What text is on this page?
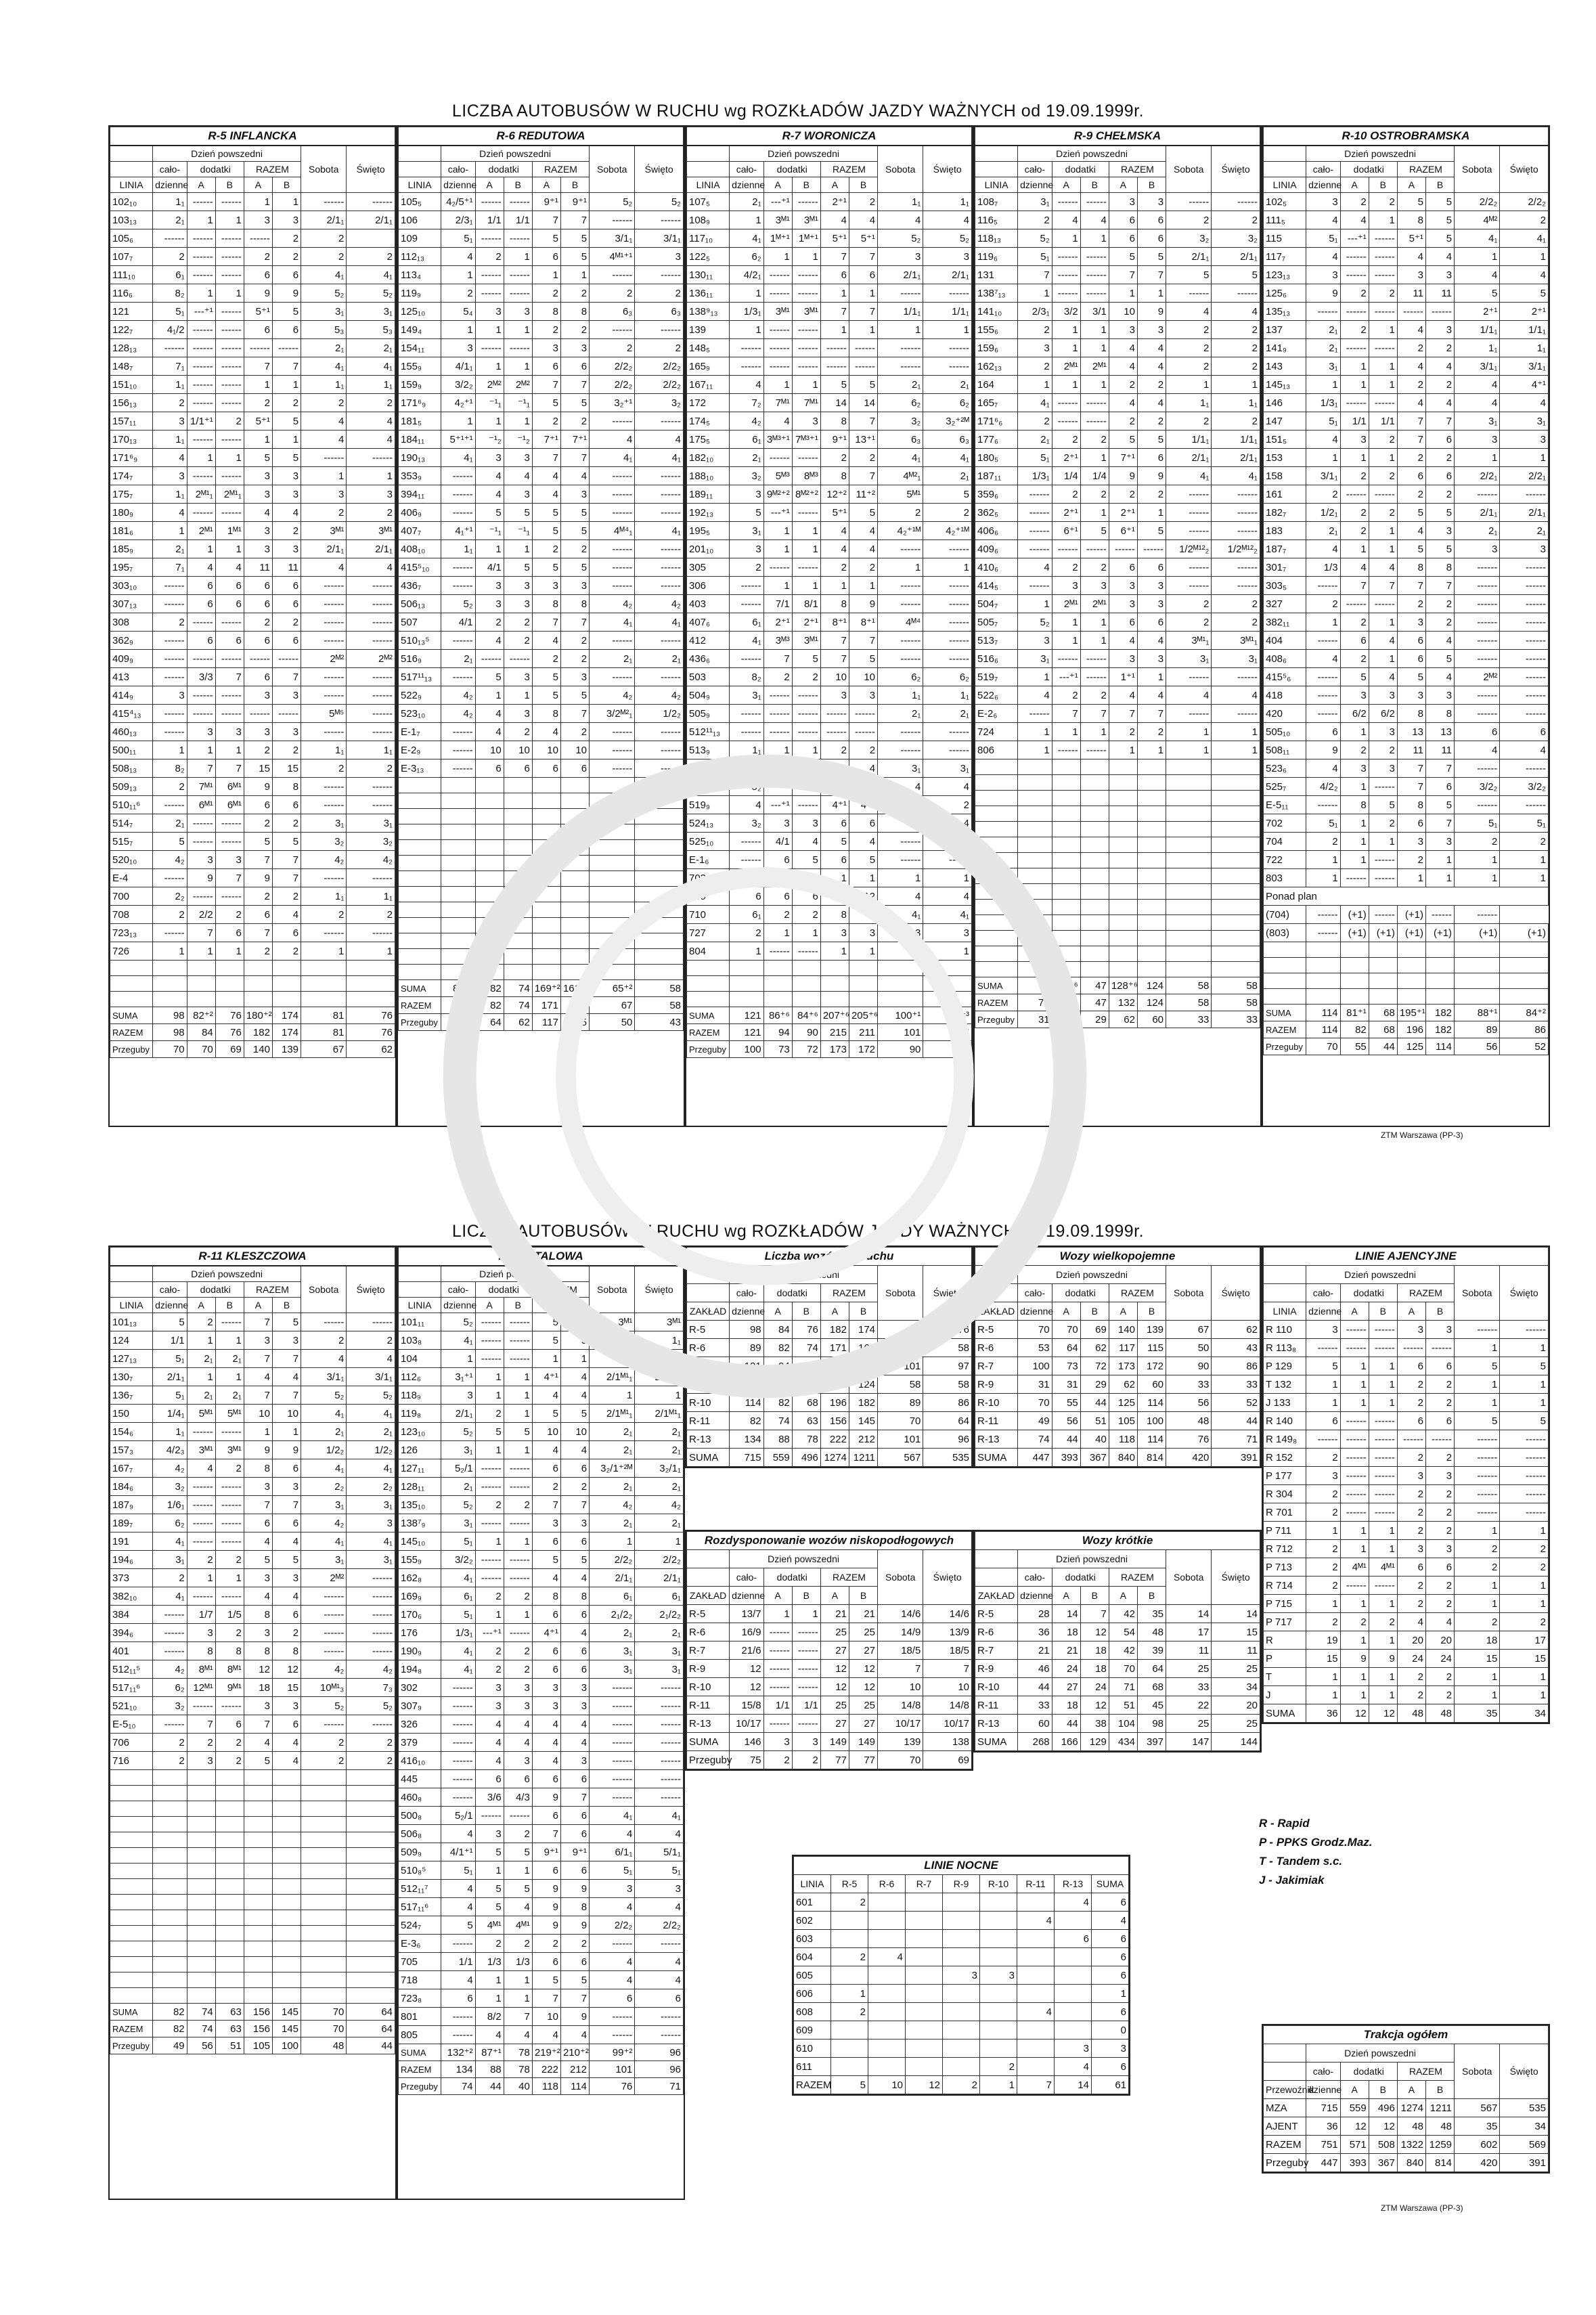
LICZBA AUTOBUSÓW W RUCHU wg ROZKŁADÓW JAZDY WAŻNYCH od 19.09.1999r.
R-5 INFLANCKA							
	Dzień powszedni					Sobota	Święto
	cało-	dodatki		RAZEM			
LINIA	dzienne	A	B	A	B		
102₁₀	1₁	------	------	1	1	------	------
103₁₃	2₁	1	1	3	3	2/1₁	2/1₁
105₆	------	------	------	------	2	2	
107₇	2	------	------	2	2	2	2
111₁₀	6₁	------	------	6	6	4₁	4₁
116₆	8₂	1	1	9	9	5₂	5₂
121	5₁	---⁺¹	------	5⁺¹	5	3₁	3₁
122₇	4₁/2	------	------	6	6	5₃	5₃
128₁₃	------	------	------	------	------	2₁	2₁
148₇	7₁	------	------	7	7	4₁	4₁
151₁₀	1₁	------	------	1	1	1₁	1₁
156₁₃	2	------	------	2	2	2	2
157₁₁	3	1/1⁺¹	2	5⁺¹	5	4	4
170₁₃	1₁	------	------	1	1	4	4
171⁶₉	4	1	1	5	5	------	------
174₇	3	------	------	3	3	1	1
175₇	1₁	2ᴹ¹₁	2ᴹ¹₁	3	3	3	3
180₉	4	------	------	4	4	2	2
181₆	1	2ᴹ¹	1ᴹ¹	3	2	3ᴹ¹	3ᴹ¹
185₉	2₁	1	1	3	3	2/1₁	2/1₁
195₇	7₁	4	4	11	11	4	4
303₁₀	------	6	6	6	6	------	------
307₁₃	------	6	6	6	6	------	------
308	2	------	------	2	2	------	------
362₉	------	6	6	6	6	------	------
409₉	------	------	------	------	------	2ᴹ²	2ᴹ²
413	------	3/3	7	6	7	------	------
414₉	3	------	------	3	3	------	------
415⁴₁₃	------	------	------	------	------	5ᴹ⁵	------
460₁₃	------	3	3	3	3	------	------
500₁₁	1	1	1	2	2	1₁	1₁
508₁₃	8₂	7	7	15	15	2	2
509₁₃	2	7ᴹ¹	6ᴹ¹	9	8	------	------
510₁₁⁶	------	6ᴹ¹	6ᴹ¹	6	6	------	------
514₇	2₁	------	------	2	2	3₁	3₁
515₇	5	------	------	5	5	3₂	3₂
520₁₀	4₂	3	3	7	7	4₂	4₂
E-4	------	9	7	9	7	------	------
700	2₂	------	------	2	2	1₁	1₁
708	2	2/2	2	6	4	2	2
723₁₃	------	7	6	7	6	------	------
726	1	1	1	2	2	1	1

SUMA	98	82⁺²	76	180⁺²	174	81	76
RAZEM	98	84	76	182	174	81	76
Przeguby	70	70	69	140	139	67	62
R-6 REDUTOWA							
	Dzień powszedni					Sobota	Święto
	cało-	dodatki		RAZEM			
LINIA	dzienne	A	B	A	B		
105₅	4₂/5⁺¹	------	------	9⁺¹	9⁺¹	5₂	5₂
106	2/3₁	1/1	1/1	7	7	------	------
109	5₁	------	------	5	5	3/1₁	3/1₁
112₁₃	4	2	1	6	5	4ᴹ¹⁺¹	3
113₄	1	------	------	1	1	------	------
119₉	2	------	------	2	2	2	2
125₁₀	5₄	3	3	8	8	6₃	6₃
149₄	1	1	1	2	2	------	------
154₁₁	3	------	------	3	3	2	2
155₉	4/1₁	1	1	6	6	2/2₂	2/2₂
159₉	3/2₂	2ᴹ²	2ᴹ²	7	7	2/2₂	2/2₂
171⁶₉	4₂⁺¹	⁻¹₁	⁻¹₁	5	5	3₂⁺¹	3₂
181₅	1	1	1	2	2	------	------
184₁₁	5⁺¹⁺¹	⁻¹₂	⁻¹₂	7⁺¹	7⁺¹	4	4
190₁₃	4₁	3	3	7	7	4₁	4₁
353₉	------	4	4	4	4	------	------
394₁₁	------	4	3	4	3	------	------
406₉	------	5	5	5	5	------	------
407₇	4₁⁺¹	⁻¹₁	⁻¹₁	5	5	4ᴹ⁴₁	4₁
408₁₀	1₁	1	1	2	2	------	------
415⁵₁₀	------	4/1	5	5	5	------	------
436₇	------	3	3	3	3	------	------
506₁₃	5₂	3	3	8	8	4₂	4₂
507	4/1	2	2	7	7	4₁	4₁
510₁₃⁵	------	4	2	4	2	------	------
516₉	2₁	------	------	2	2	2₁	2₁
517¹¹₁₃	------	5	3	5	3	------	------
522₉	4₂	1	1	5	5	4₂	4₂
523₁₀	4₂	4	3	8	7	3/2ᴹ²₁	1/2₂
E-1₇	------	4	2	4	2	------	------
E-2₉	------	10	10	10	10	------	------
E-3₁₃	------	6	6	6	6	------	------

SUMA	87⁺²	82	74	169⁺²	161⁺²	65⁺²	58
RAZEM	89	82	74	171	163	67	58
Przeguby	53	64	62	117	115	50	43
R-7 WORONICZA							
	Dzień powszedni					Sobota	Święto
	cało-	dodatki		RAZEM			
LINIA	dzienne	A	B	A	B		
107₅	2₁	---⁺¹	------	2⁺¹	2	1₁	1₁
108₉	1	3ᴹ¹	3ᴹ¹	4	4	4	4
117₁₀	4₁	1ᴹ⁺¹	1ᴹ⁺¹	5⁺¹	5⁺¹	5₂	5₂
122₅	6₂	1	1	7	7	3	3
130₁₁	4/2₁	------	------	6	6	2/1₁	2/1₁
136₁₁	1	------	------	1	1	------	------
138⁹₁₃	1/3₁	3ᴹ¹	3ᴹ¹	7	7	1/1₁	1/1₁
139	1	------	------	1	1	1	1
148₅	------	------	------	------	------	------	------
165₉	------	------	------	------	------	------	------
167₁₁	4	1	1	5	5	2₁	2₁
172	7₂	7ᴹ¹	7ᴹ¹	14	14	6₂	6₂
174₅	4₂	4	3	8	7	3₂	3₂⁺²ᴹ
175₅	6₁	3ᴹ³⁺¹	7ᴹ³⁺¹	9⁺¹	13⁺¹	6₃	6₃
182₁₀	2₁	------	------	2	2	4₁	4₁
188₁₀	3₂	5ᴹ³	8ᴹ³	8	7	4ᴹ²₁	2₁
189₁₁	3	9ᴹ²⁺²	8ᴹ²⁺²	12⁺²	11⁺²	5ᴹ¹	5
192₁₃	5	---⁺¹	------	5⁺¹	5	2	2
195₅	3₁	1	1	4	4	4₂⁺¹ᴹ	4₂⁺¹ᴹ
201₁₀	3	1	1	4	4	------	------
305	2	------	------	2	2	1	1
306	------	1	1	1	1	------	------
403	------	7/1	8/1	8	9	------	------
407₆	6₁	2⁺¹	2⁺¹	8⁺¹	8⁺¹	4ᴹ⁴	------
412	4₁	3ᴹ³	3ᴹ¹	7	7	------	------
436₆	------	7	5	7	5	------	------
503	8₂	2	2	10	10	6₂	6₂
504₉	3₁	------	------	3	3	1₁	1₁
505₉	------	------	------	------	------	2₁	2₁
512¹¹₁₃	------	------	------	------	------	------	------
513₉	1₁	1	1	2	2	------	------
514₁₁	4₁	------	------	4	4	3₁	3₁
515₅	5₂	------	------	5	5	4	4
519₉	4	---⁺¹	------	4⁺¹	4⁺¹	2	2
524₁₃	3₂	3	3	6	6	4	4
525₁₀	------	4/1	4	5	4	------	------
E-1₆	------	6	5	6	5	------	------
703	1	------	------	1	1	1	1
709	6	6	6	12	12	4	4
710	6₁	2	2	8	8	4₁	4₁
727	2	1	1	3	3	3	3
804	1	------	------	1	1	1	1

SUMA	121	86⁺⁶	84⁺⁶	207⁺⁶	205⁺⁶	100⁺¹	94⁺³
RAZEM	121	94	90	215	211	101	97
Przeguby	100	73	72	173	172	90	86
R-9 CHEŁMSKA							
	Dzień powszedni					Sobota	Święto
	cało-	dodatki		RAZEM			
LINIA	dzienne	A	B	A	B		
108₇	3₁	------	------	3	3	------	------
116₅	2	4	4	6	6	2	2
118₁₃	5₂	1	1	6	6	3₂	3₂
119₆	5₁	------	------	5	5	2/1₁	2/1₁
131	7	------	------	7	7	5	5
138⁷₁₃	1	------	------	1	1	------	------
141₁₀	2/3₁	3/2	3/1	10	9	4	4
155₆	2	1	1	3	3	2	2
159₆	3	1	1	4	4	2	2
162₁₃	2	2ᴹ¹	2ᴹ¹	4	4	2	2
164	1	1	1	2	2	1	1
165₇	4₁	------	------	4	4	1₁	1₁
171⁶₆	2	------	------	2	2	2	2
177₆	2₁	2	2	5	5	1/1₁	1/1₁
180₅	5₁	2⁺¹	1	7⁺¹	6	2/1₁	2/1₁
187₁₁	1/3₁	1/4	1/4	9	9	4₁	4₁
359₆	------	2	2	2	2	------	------
362₅	------	2⁺¹	1	2⁺¹	1	------	------
406₆	------	6⁺¹	5	6⁺¹	5	------	------
409₆	------	------	------	------	------	1/2ᴹ¹²₂	1/2ᴹ¹²₂
410₆	4	2	2	6	6	------	------
414₅	------	3	3	3	3	------	------
504₇	1	2ᴹ¹	2ᴹ¹	3	3	2	2
505₇	5₂	1	1	6	6	2	2
513₇	3	1	1	4	4	3ᴹ¹₁	3ᴹ¹₁
516₆	3₁	------	------	3	3	3₁	3₁
519₇	1	---⁺¹	------	1⁺¹	1	------	------
522₆	4	2	2	4	4	4	4
E-2₆	------	7	7	7	7	------	------
724	1	1	1	2	2	1	1
806	1	------	------	1	1	1	1

SUMA	77	51⁺⁶	47	128⁺⁶	124	58	58
RAZEM	77	55	47	132	124	58	58
Przeguby	31	31	29	62	60	33	33
R-10 OSTROBRAMSKA							
	Dzień powszedni					Sobota	Święto
	cało-	dodatki		RAZEM			
LINIA	dzienne	A	B	A	B		
102₅	3	2	2	5	5	2/2₂	2/2₂
111₅	4	4	1	8	5	4ᴹ²	2
115	5₁	---⁺¹	------	5⁺¹	5	4₁	4₁
117₇	4	------	------	4	4	1	1
123₁₃	3	------	------	3	3	4	4
125₆	9	2	2	11	11	5	5
135₁₃	------	------	------	------	------	2⁺¹	2⁺¹
137	2₁	2	1	4	3	1/1₁	1/1₁
141₉	2₁	------	------	2	2	1₁	1₁
143	3₁	1	1	4	4	3/1₁	3/1₁
145₁₃	1	1	1	2	2	4	4⁺¹
146	1/3₁	------	------	4	4	4	4
147	5₁	1/1	1/1	7	7	3₁	3₁
151₅	4	3	2	7	6	3	3
153	1	1	1	2	2	1	1
158	3/1₁	2	2	6	6	2/2₁	2/2₁
161	2	------	------	2	2	------	------
182₇	1/2₁	2	2	5	5	2/1₁	2/1₁
183	2₁	2	1	4	3	2₁	2₁
187₇	4	1	1	5	5	3	3
301₇	1/3	4	4	8	8	------	------
303₅	------	7	7	7	7	------	------
327	2	------	------	2	2	------	------
382₁₁	1	2	1	3	2	------	------
404	------	6	4	6	4	------	------
408₆	4	2	1	6	5	------	------
415⁵₆	------	5	4	5	4	2ᴹ²	------
418	------	3	3	3	3	------	------
420	------	6/2	6/2	8	8	------	------
505₁₀	6	1	3	13	13	6	6
508₁₁	9	2	2	11	11	4	4
523₆	4	3	3	7	7	------	------
525₇	4/2₂	1	------	7	6	3/2₂	3/2₂
E-5₁₁	------	8	5	8	5	------	------
702	5₁	1	2	6	7	5₁	5₁
704	2	1	1	3	3	2	2
722	1	1	------	2	1	1	1
803	1	------	------	1	1	1	1
Ponad plan							
(704)	------	(+1)	------	(+1)	------	------	
(803)	------	(+1)	(+1)	(+1)	(+1)	(+1)	(+1)

SUMA	114	81⁺¹	68	195⁺¹	182	88⁺¹	84⁺²
RAZEM	114	82	68	196	182	89	86
Przeguby	70	55	44	125	114	56	52
ZTM Warszawa (PP-3)
LICZBA AUTOBUSÓW W RUCHU wg ROZKŁADÓW JAZDY WAŻNYCH od 19.09.1999r.
R-11 KLESZCZOWA							
	Dzień powszedni					Sobota	Święto
	cało-	dodatki		RAZEM			
LINIA	dzienne	A	B	A	B		
101₁₃	5	2	------	7	5	------	------
124	1/1	1	1	3	3	2	2
127₁₃	5₁	2₁	2₁	7	7	4	4
130₇	2/1₁	1	1	4	4	3/1₁	3/1₁
136₇	5₁	2₁	2₁	7	7	5₂	5₂
150	1/4₁	5ᴹ¹	5ᴹ¹	10	10	4₁	4₁
154₆	1₁	------	------	1	1	2₁	2₁
157₃	4/2₃	3ᴹ¹	3ᴹ¹	9	9	1/2₂	1/2₂
167₇	4₂	4	2	8	6	4₁	4₁
184₆	3₂	------	------	3	3	2₂	2₂
187₉	1/6₁	------	------	7	7	3₁	3₁
189₇	6₂	------	------	6	6	4₂	3
191	4₁	------	------	4	4	4₁	4₁
194₆	3₁	2	2	5	5	3₁	3₁
373	2	1	1	3	3	2ᴹ²	------
382₁₀	4₁	------	------	4	4	------	------
384	------	1/7	1/5	8	6	------	------
394₆	------	3	2	3	2	------	------
401	------	8	8	8	8	------	------
512₁₁⁵	4₂	8ᴹ¹	8ᴹ¹	12	12	4₂	4₂
517₁₁⁶	6₂	12ᴹ¹	9ᴹ¹	18	15	10ᴹ¹₃	7₃
521₁₀	3₂	------	------	3	3	5₂	5₂
E-5₁₀	------	7	6	7	6	------	------
706	2	2	2	4	4	2	2
716	2	3	2	5	4	2	2

SUMA	82	74	63	156	145	70	64
RAZEM	82	74	63	156	145	70	64
Przeguby	49	56	51	105	100	48	44
R-13 STALOWA							
	Dzień powszedni					Sobota	Święto
	cało-	dodatki		RAZEM			
LINIA	dzienne	A	B	A	B		
101₁₁	5₂	------	------	5	5	3ᴹ¹	3ᴹ¹
103₈	4₁	------	------	5	5	1₁	1₁
104	1	------	------	1	1	1	1
112₆	3₁⁺¹	1	1	4⁺¹	4	2/1ᴹ¹₁	2/1ᴹ¹₁
118₉	3	1	1	4	4	1	1
119₈	2/1₁	2	1	5	5	2/1ᴹ¹₁	2/1ᴹ¹₁
123₁₀	5₂	5	5	10	10	2₁	2₁
126	3₁	1	1	4	4	2₁	2₁
127₁₁	5₂/1	------	------	6	6	3₂/1⁺²ᴹ	3₂/1₁
128₁₁	2₁	------	------	2	2	2₁	2₁
135₁₀	5₂	2	2	7	7	4₂	4₂
138⁷₉	3₁	------	------	3	3	2₁	2₁
145₁₀	5₁	1	1	6	6	1	1
155₉	3/2₂	------	------	5	5	2/2₂	2/2₂
162₈	4₁	------	------	4	4	2/1₁	2/1₁
169₉	6₁	2	2	8	8	6₁	6₁
170₆	5₁	1	1	6	6	2₁/2₂	2₁/2₂
176	1/3₁	---⁺¹	------	4⁺¹	4	2₁	2₁
190₉	4₁	2	2	6	6	3₁	3₁
194₈	4₁	2	2	6	6	3₁	3₁
302	------	3	3	3	3	------	------
307₉	------	3	3	3	3	------	------
326	------	4	4	4	4	------	------
379	------	4	4	4	4	------	------
416₁₀	------	4	3	4	3	------	------
445	------	6	6	6	6	------	------
460₈	------	3/6	4/3	9	7	------	------
500₈	5₂/1	------	------	6	6	4₁	4₁
506₈	4	3	2	7	6	4	4
509₉	4/1⁺¹	5	5	9⁺¹	9⁺¹	6/1₁	5/1₁
510₈⁵	5₁	1	1	6	6	5₁	5₁
512₁₁⁷	4	5	5	9	9	3	3
517₁₁⁶	4	5	4	9	8	4	4
524₇	5	4ᴹ¹	4ᴹ¹	9	9	2/2₂	2/2₂
E-3₆	------	2	2	2	2	------	------
705	1/1	1/3	1/3	6	6	4	4
718	4	1	1	5	5	4	4
723₈	6	1	1	7	7	6	6
801	------	8/2	7	10	9	------	------
805	------	4	4	4	4	------	------
SUMA	132⁺²	87⁺¹	78	219⁺²	210⁺²	99⁺²	96
RAZEM	134	88	78	222	212	101	96
Przeguby	74	44	40	118	114	76	71
Liczba wozów do ruchu							
	Dzień powszedni					Sobota	Święto
	cało-	dodatki		RAZEM			
ZAKŁAD	dzienne	A	B	A	B		
R-5	98	84	76	182	174	81	76
R-6	89	82	74	171	163	67	58
R-7	121	94	90	215	211	101	97
R-9	77	55	47	132	124	58	58
R-10	114	82	68	196	182	89	86
R-11	82	74	63	156	145	70	64
R-13	134	88	78	222	212	101	96
SUMA	715	559	496	1274	1211	567	535
Wozy wielkopojemne							
	Dzień powszedni					Sobota	Święto
	cało-	dodatki		RAZEM			
ZAKŁAD	dzienne	A	B	A	B		
R-5	70	70	69	140	139	67	62
R-6	53	64	62	117	115	50	43
R-7	100	73	72	173	172	90	86
R-9	31	31	29	62	60	33	33
R-10	70	55	44	125	114	56	52
R-11	49	56	51	105	100	48	44
R-13	74	44	40	118	114	76	71
SUMA	447	393	367	840	814	420	391
Rozdysponowanie wozów niskopodłogowych							
	Dzień powszedni					Sobota	Święto
	cało-	dodatki		RAZEM			
ZAKŁAD	dzienne	A	B	A	B		
R-5	13/7	1	1	21	21	14/6	14/6
R-6	16/9	------	------	25	25	14/9	13/9
R-7	21/6	------	------	27	27	18/5	18/5
R-9	12	------	------	12	12	7	7
R-10	12	------	------	12	12	10	10
R-11	15/8	1/1	1/1	25	25	14/8	14/8
R-13	10/17	------	------	27	27	10/17	10/17
SUMA	146	3	3	149	149	139	138
Przeguby	75	2	2	77	77	70	69
Wozy krótkie							
	Dzień powszedni					Sobota	Święto
	cało-	dodatki		RAZEM			
ZAKŁAD	dzienne	A	B	A	B		
R-5	28	14	7	42	35	14	14
R-6	36	18	12	54	48	17	15
R-7	21	21	18	42	39	11	11
R-9	46	24	18	70	64	25	25
R-10	44	27	24	71	68	33	34
R-11	33	18	12	51	45	22	20
R-13	60	44	38	104	98	25	25
SUMA	268	166	129	434	397	147	144
LINIE AJENCYJNE							
	Dzień powszedni					Sobota	Święto
	cało-	dodatki		RAZEM			
LINIA	dzienne	A	B	A	B		
R 110	3	------	------	3	3	------	------
R 113₈	------	------	------	------	------	1	1
P 129	5	1	1	6	6	5	5
T 132	1	1	1	2	2	1	1
J 133	1	1	1	2	2	1	1
R 140	6	------	------	6	6	5	5
R 149₈	------	------	------	------	------	------	------
R 152	2	------	------	2	2	------	------
P 177	3	------	------	3	3	------	------
R 304	2	------	------	2	2	------	------
R 701	2	------	------	2	2	------	------
P 711	1	1	1	2	2	1	1
R 712	2	1	1	3	3	2	2
P 713	2	4ᴹ¹	4ᴹ¹	6	6	2	2
R 714	2	------	------	2	2	1	1
P 715	1	1	1	2	2	1	1
P 717	2	2	2	4	4	2	2
R	19	1	1	20	20	18	17
P	15	9	9	24	24	15	15
T	1	1	1	2	2	1	1
J	1	1	1	2	2	1	1
SUMA	36	12	12	48	48	35	34
LINIE NOCNE								
LINIA	R-5	R-6	R-7	R-9	R-10	R-11	R-13	SUMA
601	2						4	6
602						4		4
603							6	6
604	2	4						6
605				3	3			6
606	1							1
608	2					4		6
609								0
610							3	3
611					2		4	6
RAZEM	5	10	12	2	1	7	14	61
Trakcja ogółem							
	Dzień powszedni					Sobota	Święto
	cało-	dodatki		RAZEM			
Przewoźnik	dzienne	A	B	A	B		
MZA	715	559	496	1274	1211	567	535
AJENT	36	12	12	48	48	35	34
RAZEM	751	571	508	1322	1259	602	569
Przeguby	447	393	367	840	814	420	391
ZTM Warszawa (PP-3)
R - Rapid
P - PPKS Grodz.Maz.
T - Tandem s.c.
J - Jakimiak
